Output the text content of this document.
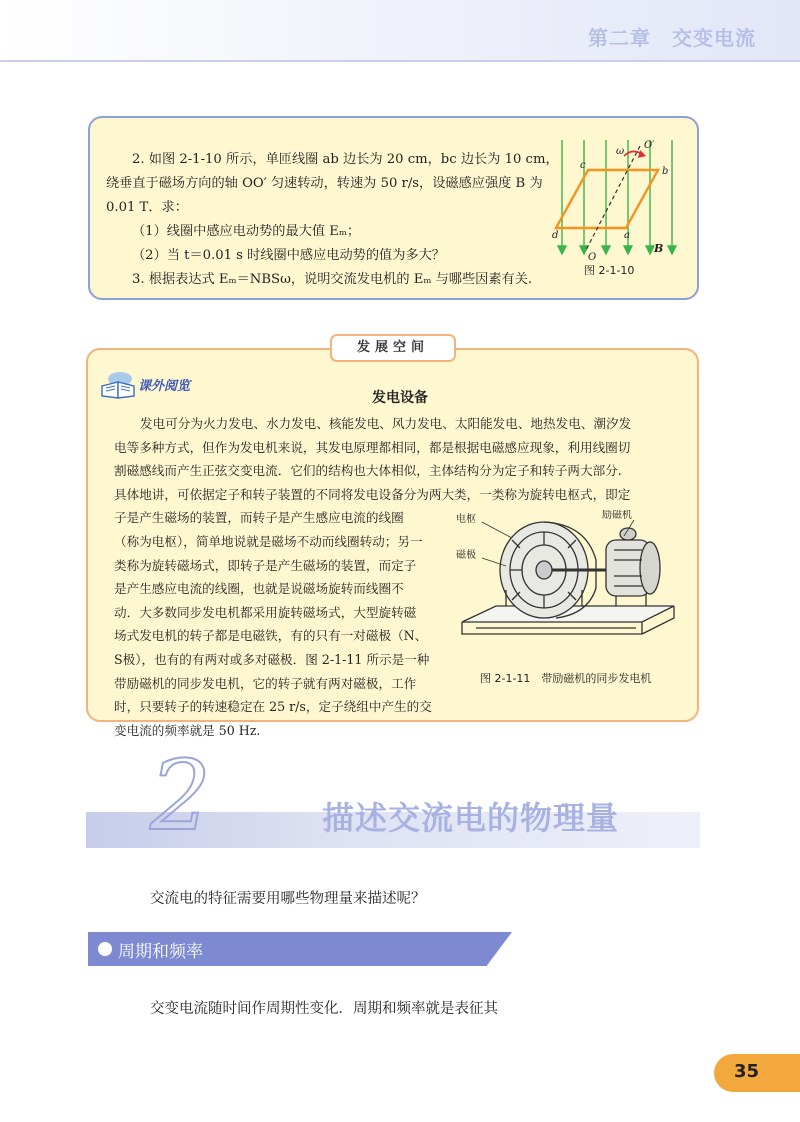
第二章　交变电流

2. 如图 2-1-10 所示，单匝线圈 ab 边长为 20 cm，bc 边长为 10 cm，

绕垂直于磁场方向的轴 OO′ 匀速转动，转速为 50 r/s，设磁感应强度 B 为

0.01 T．求：

（1）线圈中感应电动势的最大值 Eₘ；

（2）当 t＝0.01 s 时线圈中感应电动势的值为多大？

3. 根据表达式 Eₘ＝NBSω，说明交流发电机的 Eₘ 与哪些因素有关.

ω
O′
c
b
d	a
O
B
图 2-1-10
发展空间
课外阅览
发电设备

发电可分为火力发电、水力发电、核能发电、风力发电、太阳能发电、地热发电、潮汐发

电等多种方式，但作为发电机来说，其发电原理都相同，都是根据电磁感应现象，利用线圈切

割磁感线而产生正弦交变电流．它们的结构也大体相似，主体结构分为定子和转子两大部分.

具体地讲，可依据定子和转子装置的不同将发电设备分为两大类，一类称为旋转电枢式，即定

子是产生磁场的装置，而转子是产生感应电流的线圈

（称为电枢），简单地说就是磁场不动而线圈转动；另一

类称为旋转磁场式，即转子是产生磁场的装置，而定子

是产生感应电流的线圈，也就是说磁场旋转而线圈不

动．大多数同步发电机都采用旋转磁场式，大型旋转磁

场式发电机的转子都是电磁铁，有的只有一对磁极（N、

S极），也有的有两对或多对磁极．图 2-1-11 所示是一种

带励磁机的同步发电机，它的转子就有两对磁极，工作

时，只要转子的转速稳定在 25 r/s，定子绕组中产生的交

变电流的频率就是 50 Hz.

电枢
磁极
励磁机
图 2-1-11　带励磁机的同步发电机
2	描述交流电的物理量
交流电的特征需要用哪些物理量来描述呢？
周期和频率
交变电流随时间作周期性变化．周期和频率就是表征其
35
